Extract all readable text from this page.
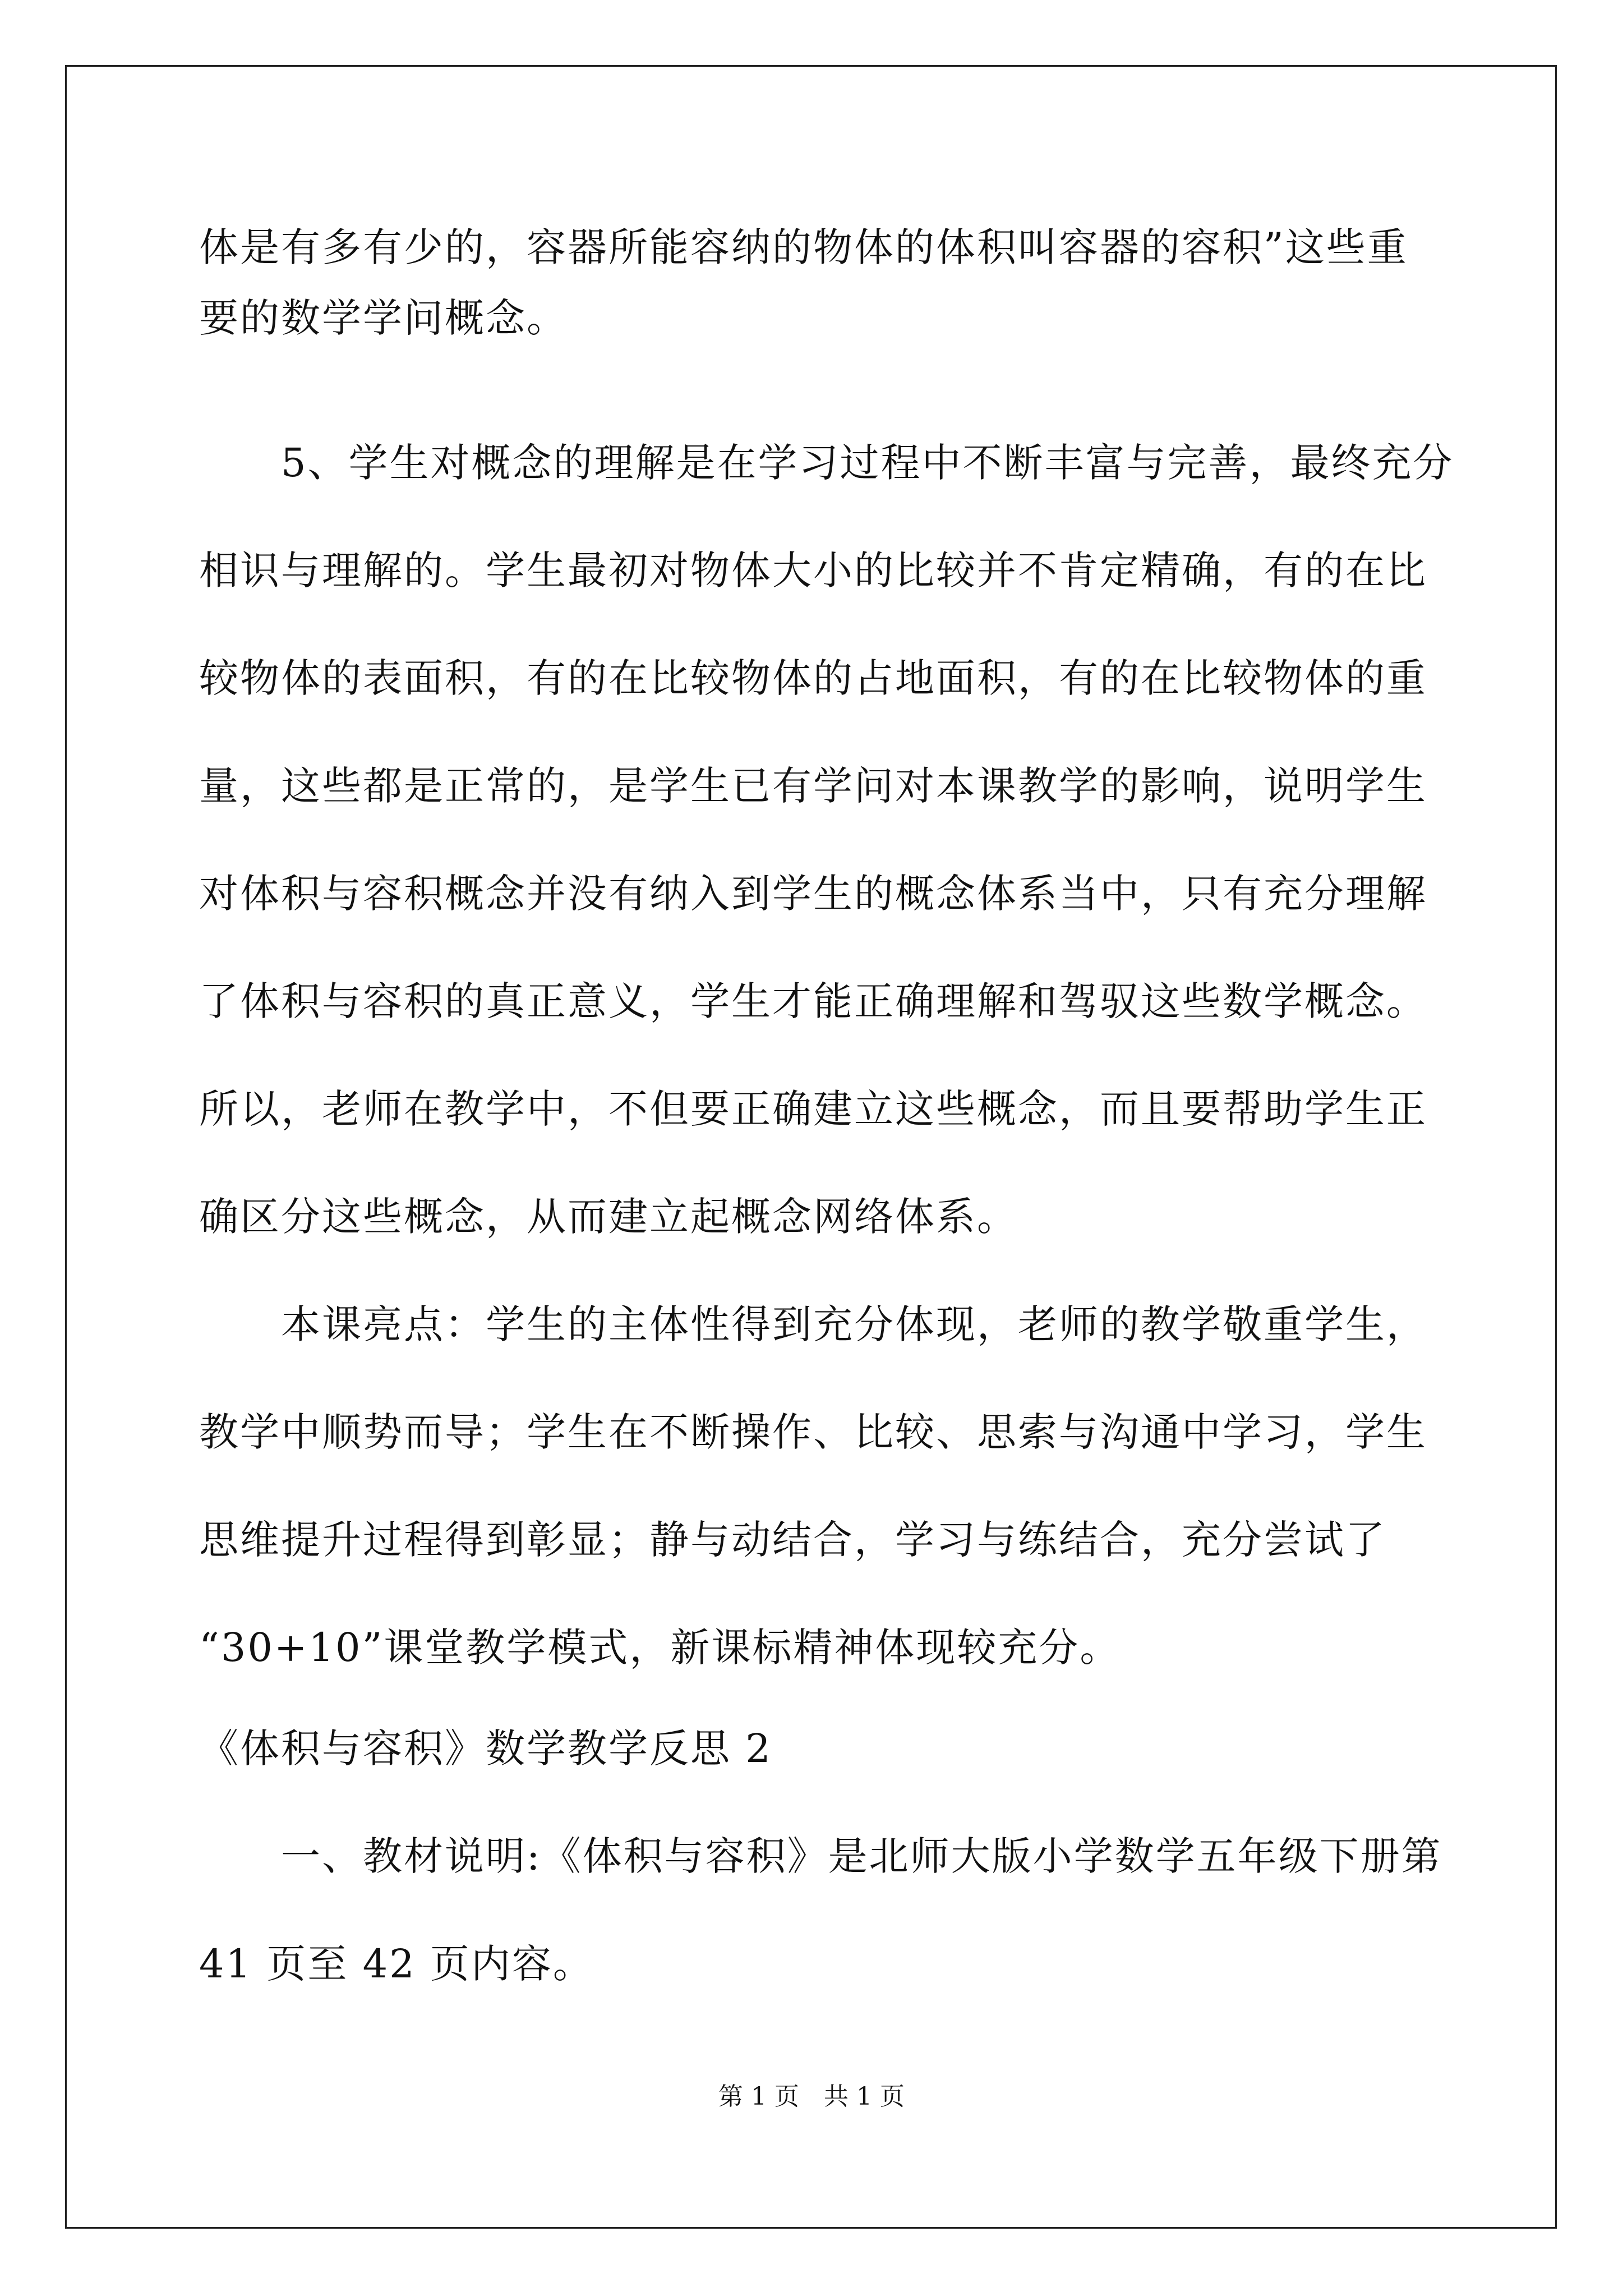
体是有多有少的，容器所能容纳的物体的体积叫容器的容积”这些重
要的数学学问概念。
　　5、学生对概念的理解是在学习过程中不断丰富与完善，最终充分
相识与理解的。学生最初对物体大小的比较并不肯定精确，有的在比
较物体的表面积，有的在比较物体的占地面积，有的在比较物体的重
量，这些都是正常的，是学生已有学问对本课教学的影响，说明学生
对体积与容积概念并没有纳入到学生的概念体系当中，只有充分理解
了体积与容积的真正意义，学生才能正确理解和驾驭这些数学概念。
所以，老师在教学中，不但要正确建立这些概念，而且要帮助学生正
确区分这些概念，从而建立起概念网络体系。
　　本课亮点：学生的主体性得到充分体现，老师的教学敬重学生，
教学中顺势而导；学生在不断操作、比较、思索与沟通中学习，学生
思维提升过程得到彰显；静与动结合，学习与练结合，充分尝试了
“30+10”课堂教学模式，新课标精神体现较充分。
《体积与容积》数学教学反思 2
　　一、教材说明:《体积与容积》是北师大版小学数学五年级下册第
41 页至 42 页内容。
第 1 页　共 1 页
